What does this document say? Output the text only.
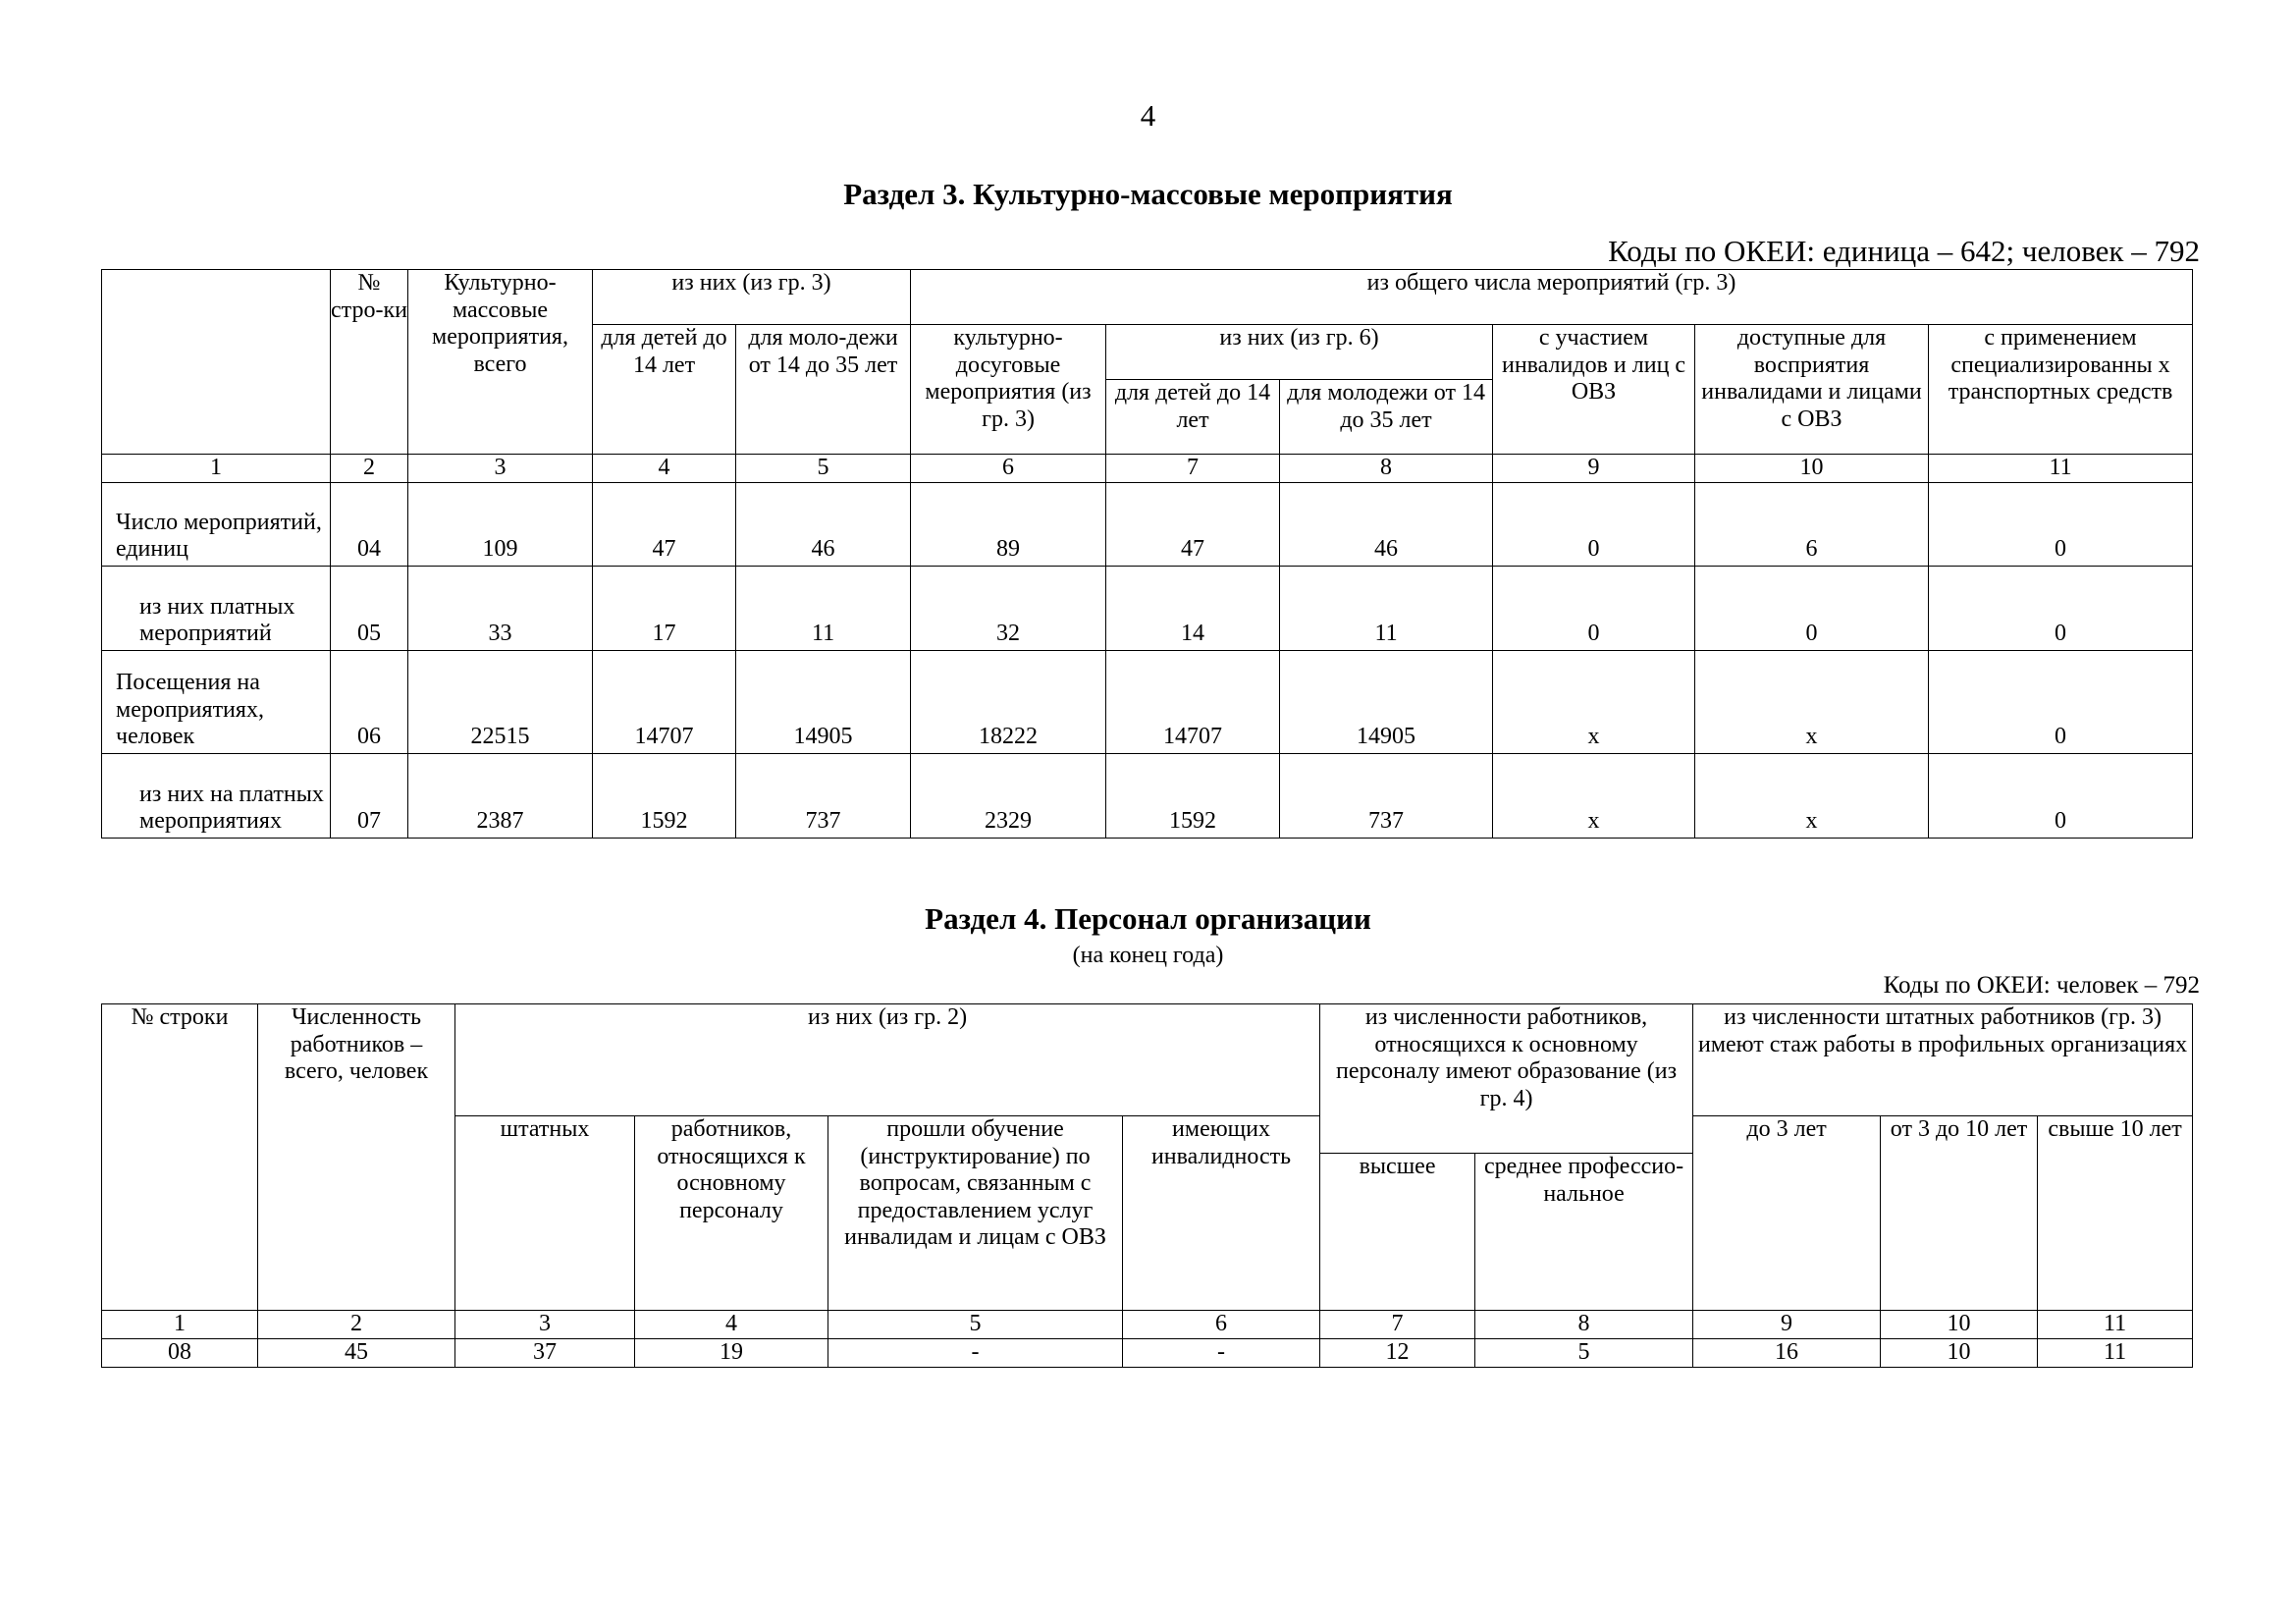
4
Раздел 3. Культурно-массовые мероприятия
Коды по ОКЕИ: единица – 642; человек – 792
	№ стро-ки	Культурно-массовые мероприятия, всего	из них (из гр. 3)		из общего числа мероприятий (гр. 3)					
			для детей до 14 лет	для моло-дежи от 14 до 35 лет	культурно-досуговые мероприятия (из гр. 3)	из них (из гр. 6)		с участием инвалидов и лиц с ОВЗ	доступные для восприятия инвалидами и лицами с ОВЗ	с применением специализированны х транспортных средств
						для детей до 14 лет	для молодежи от 14 до 35 лет			
1	2	3	4	5	6	7	8	9	10	11
Число мероприятий, единиц	04	109	47	46	89	47	46	0	6	0
из них платных мероприятий	05	33	17	11	32	14	11	0	0	0
Посещения на мероприятиях, человек	06	22515	14707	14905	18222	14707	14905	x	x	0
из них на платных мероприятиях	07	2387	1592	737	2329	1592	737	x	x	0
Раздел 4. Персонал организации
(на конец года)
Коды по ОКЕИ: человек – 792
№ строки	Численность работников – всего, человек	из них (из гр. 2)				из численности работников, относящихся к основному персоналу имеют образование (из гр. 4)		из численности штатных работников (гр. 3) имеют стаж работы в профильных организациях		
		штатных	работников, относящихся к основному персоналу	прошли обучение (инструктирование) по вопросам, связанным с предоставлением услуг инвалидам и лицам с ОВЗ	имеющих инвалидность			до 3 лет	от 3 до 10 лет	свыше 10 лет
						высшее	среднее профессио-нальное			
1	2	3	4	5	6	7	8	9	10	11
08	45	37	19	-	-	12	5	16	10	11
